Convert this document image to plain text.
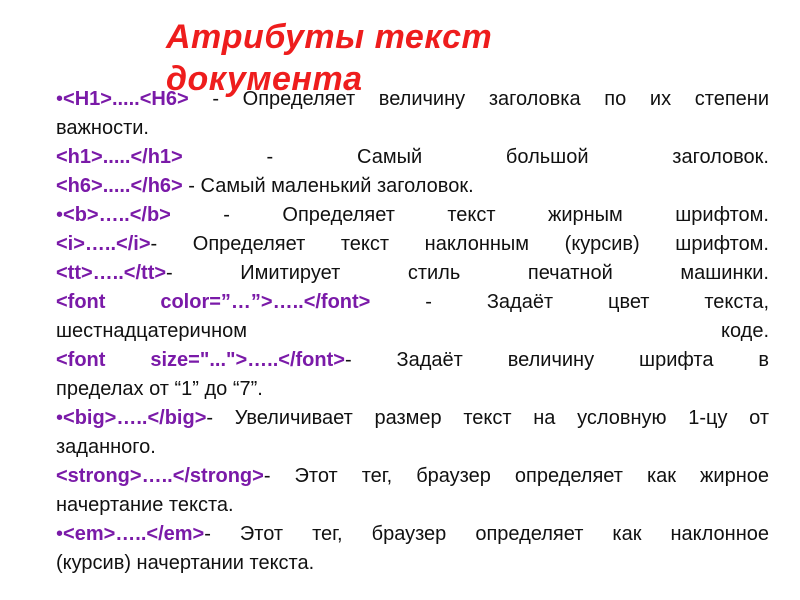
Атрибуты текст документа

•<H1>.....<H6> - Определяет величину заголовка по их степени

важности.

<h1>.....</h1> - Самый большой заголовок.

<h6>.....</h6> - Самый маленький заголовок.

•<b>…..</b> - Определяет текст жирным шрифтом.

<i>…..</i>- Определяет текст наклонным (курсив) шрифтом.

<tt>…..</tt>- Имитирует стиль печатной машинки.

<font color=”…”>…..</font> - Задаёт цвет текста,

шестнадцатеричном коде.

<font size="...">…..</font>- Задаёт величину шрифта в

пределах от “1” до “7”.

•<big>…..</big>- Увеличивает размер текст на условную 1-цу от

заданного.

<strong>…..</strong>- Этот тег, браузер определяет как жирное

начертание текста.

•<em>…..</em>- Этот тег, браузер определяет как наклонное

(курсив) начертании текста.
